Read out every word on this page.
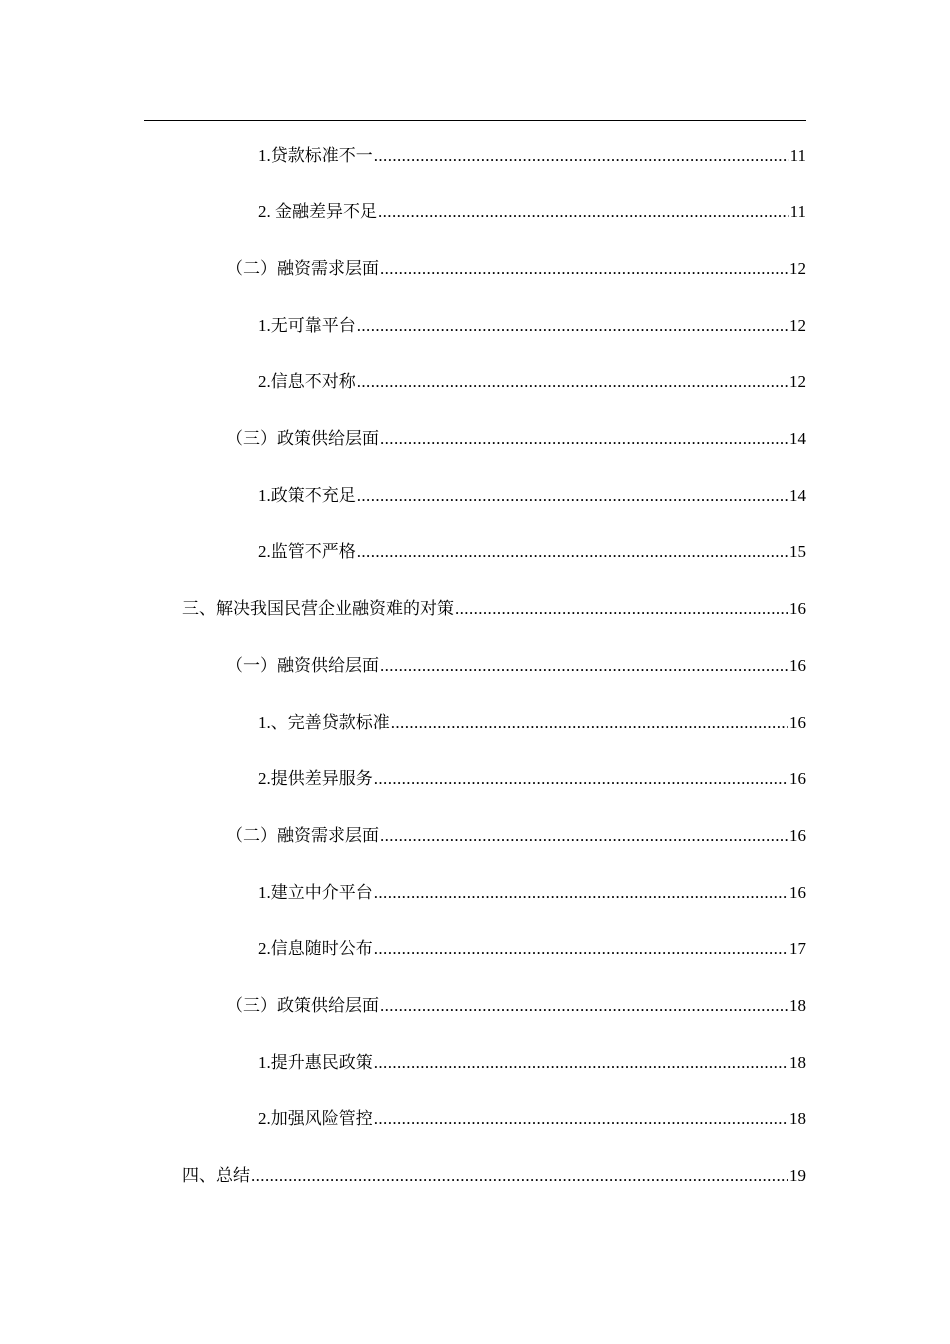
1.贷款标准不一 .....	11
2. 金融差异不足 .....	11
（二）融资需求层面 .....	12
1.无可靠平台 .....	12
2.信息不对称 .....	12
（三）政策供给层面 .....	14
1.政策不充足 .....	14
2.监管不严格 .....	15
三、解决我国民营企业融资难的对策 .....	16
（一）融资供给层面 .....	16
1.、完善贷款标准 .....	16
2.提供差异服务 .....	16
（二）融资需求层面 .....	16
1.建立中介平台 .....	16
2.信息随时公布 .....	17
（三）政策供给层面 .....	18
1.提升惠民政策 .....	18
2.加强风险管控 .....	18
四、总结 .....	19
